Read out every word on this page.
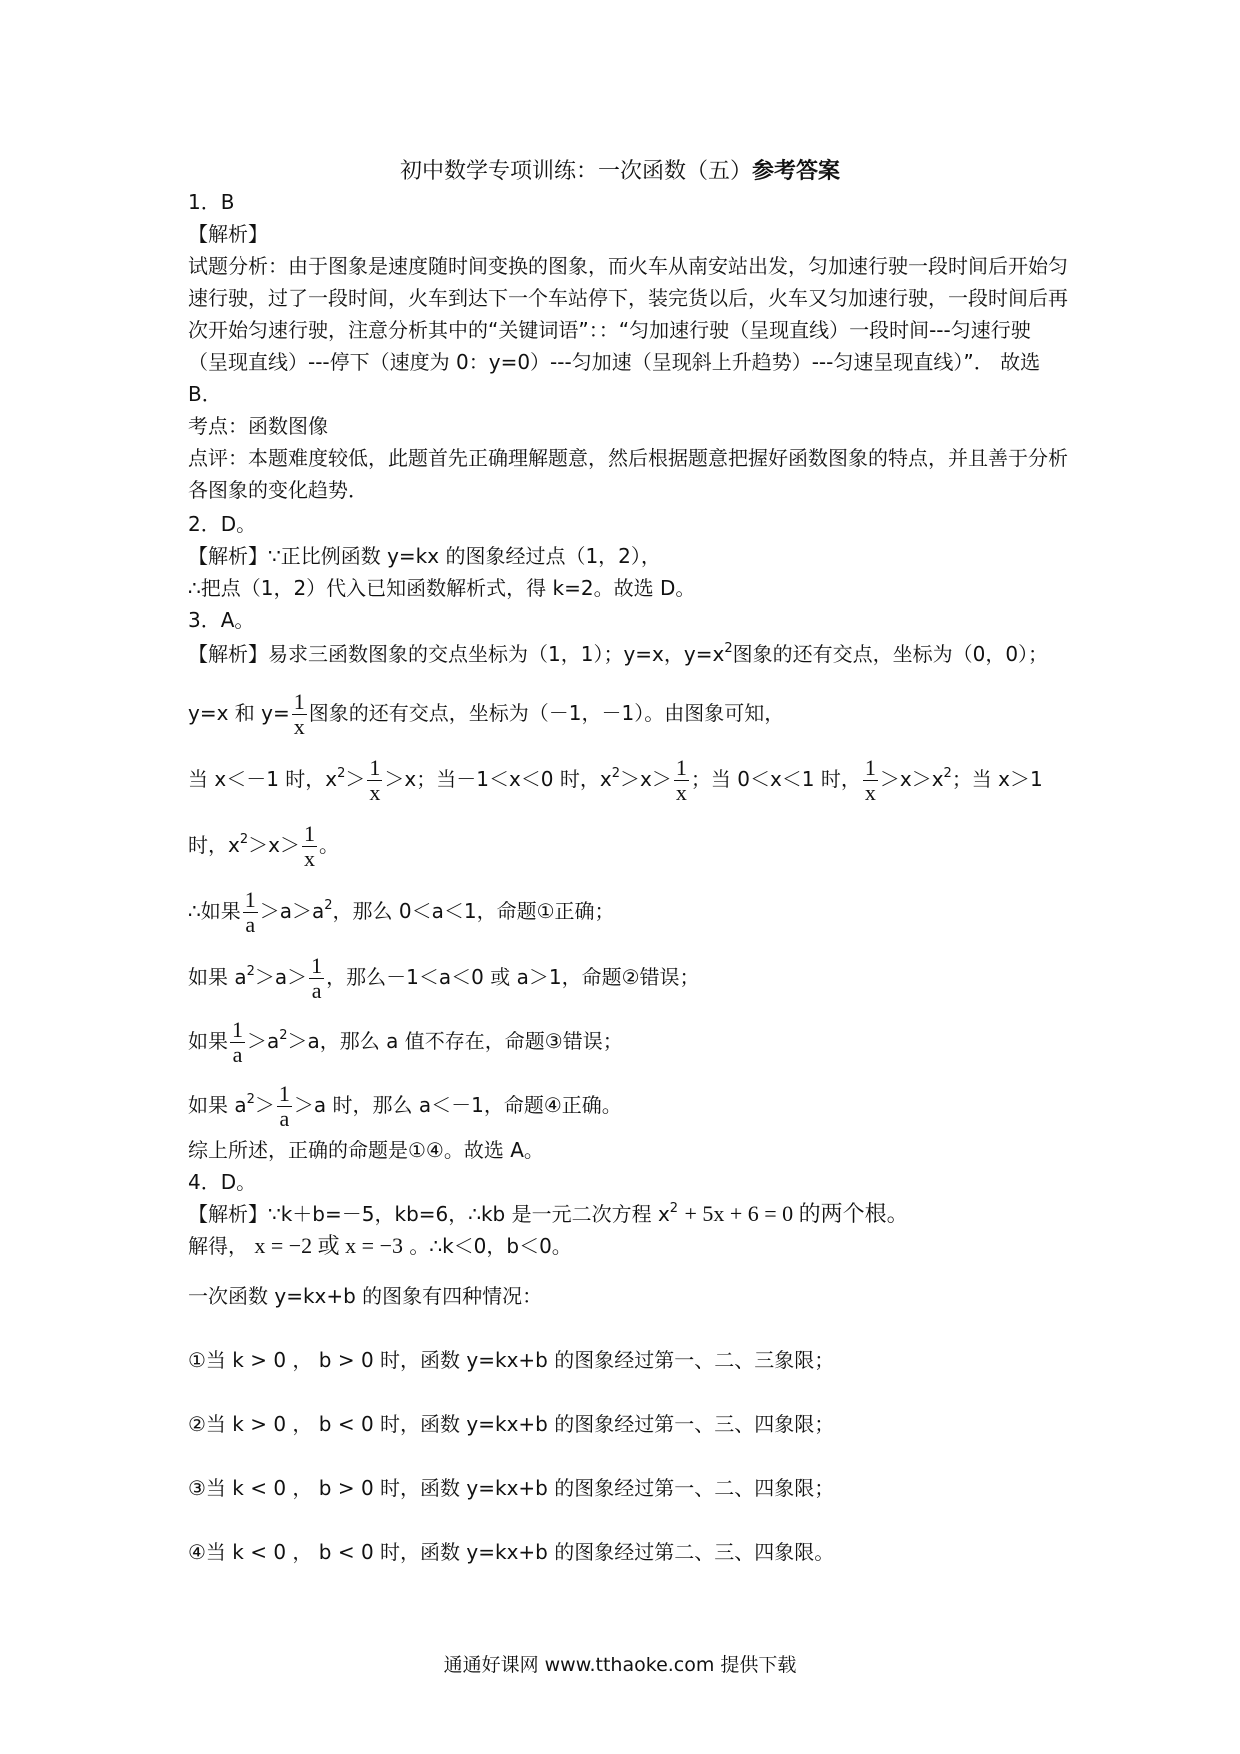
初中数学专项训练：一次函数（五）参考答案
1．B
【解析】
试题分析：由于图象是速度随时间变换的图象，而火车从南安站出发，匀加速行驶一段时间后开始匀速行驶，过了一段时间，火车到达下一个车站停下，装完货以后，火车又匀加速行驶，一段时间后再次开始匀速行驶，注意分析其中的“关键词语”：：“匀加速行驶（呈现直线）一段时间---匀速行驶（呈现直线）---停下（速度为 0：y=0）---匀加速（呈现斜上升趋势）---匀速呈现直线）”． 故选 B．
考点：函数图像
点评：本题难度较低，此题首先正确理解题意，然后根据题意把握好函数图象的特点，并且善于分析各图象的变化趋势．
2．D。
【解析】∵正比例函数 y=kx 的图象经过点（1，2），
∴把点（1，2）代入已知函数解析式，得 k=2。故选 D。
3．A。
【解析】易求三函数图象的交点坐标为（1，1）；y=x，$y=x^2$图象的还有交点，坐标为（0，0）；
y=x 和 $y= \frac{1}{x}$ 图象的还有交点，坐标为（－1，－1）。由图象可知，
当 x＜－1 时，$x^2> \frac{1}{x} >x$；当－1＜x＜0 时，$x^2>x> \frac{1}{x}$ ；当 0＜x＜1 时， $\frac{1}{x} >x>x^2$；当 x＞1
时，$x^2>x> \frac{1}{x}$ 。
∴如果 $\frac{1}{a} >a>a^2$，那么 0＜a＜1，命题①正确；
如果 $a^2>a> \frac{1}{a}$ ，那么－1＜a＜0 或 a＞1，命题②错误；
如果 $\frac{1}{a} >a^2>a$，那么 a 值不存在，命题③错误；
如果 $a^2> \frac{1}{a} >a$ 时，那么 a＜－1，命题④正确。
综上所述，正确的命题是①④。故选 A。
4．D。
【解析】∵k＋b=－5，kb=6，∴kb 是一元二次方程 $x^2 + 5x + 6 = 0$ 的两个根。
解得， x = −2 或 x = −3 。∴k＜0，b＜0。
一次函数 y=kx+b 的图象有四种情况：
①当 k > 0 ， b > 0 时，函数 y=kx+b 的图象经过第一、二、三象限；
②当 k > 0 ， b < 0 时，函数 y=kx+b 的图象经过第一、三、四象限；
③当 k < 0 ， b > 0 时，函数 y=kx+b 的图象经过第一、二、四象限；
④当 k < 0 ， b < 0 时，函数 y=kx+b 的图象经过第二、三、四象限。
通通好课网 www.tthaoke.com 提供下载
